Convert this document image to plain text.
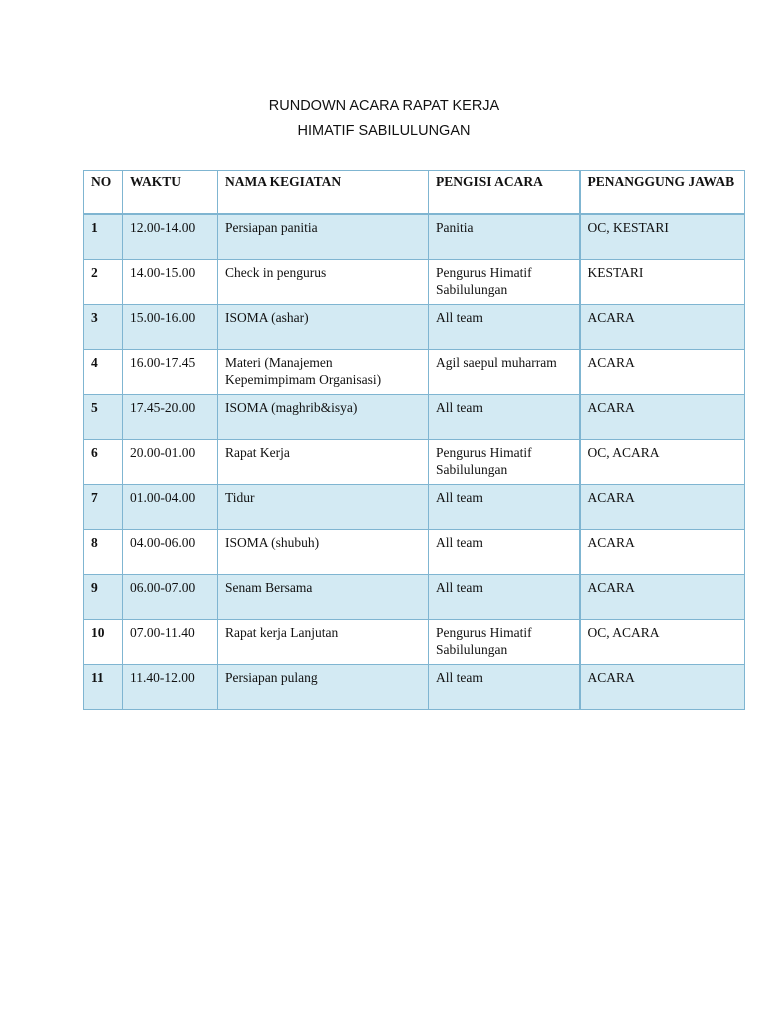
RUNDOWN ACARA RAPAT KERJA
HIMATIF SABILULUNGAN
NO	WAKTU	NAMA KEGIATAN	PENGISI ACARA	PENANGGUNG JAWAB
1	12.00-14.00	Persiapan panitia	Panitia	OC, KESTARI
2	14.00-15.00	Check in pengurus	Pengurus Himatif Sabilulungan	KESTARI
3	15.00-16.00	ISOMA (ashar)	All team	ACARA
4	16.00-17.45	Materi (Manajemen Kepemimpimam Organisasi)	Agil saepul muharram	ACARA
5	17.45-20.00	ISOMA (maghrib&isya)	All team	ACARA
6	20.00-01.00	Rapat Kerja	Pengurus Himatif Sabilulungan	OC, ACARA
7	01.00-04.00	Tidur	All team	ACARA
8	04.00-06.00	ISOMA (shubuh)	All team	ACARA
9	06.00-07.00	Senam Bersama	All team	ACARA
10	07.00-11.40	Rapat kerja Lanjutan	Pengurus Himatif Sabilulungan	OC, ACARA
11	11.40-12.00	Persiapan pulang	All team	ACARA
